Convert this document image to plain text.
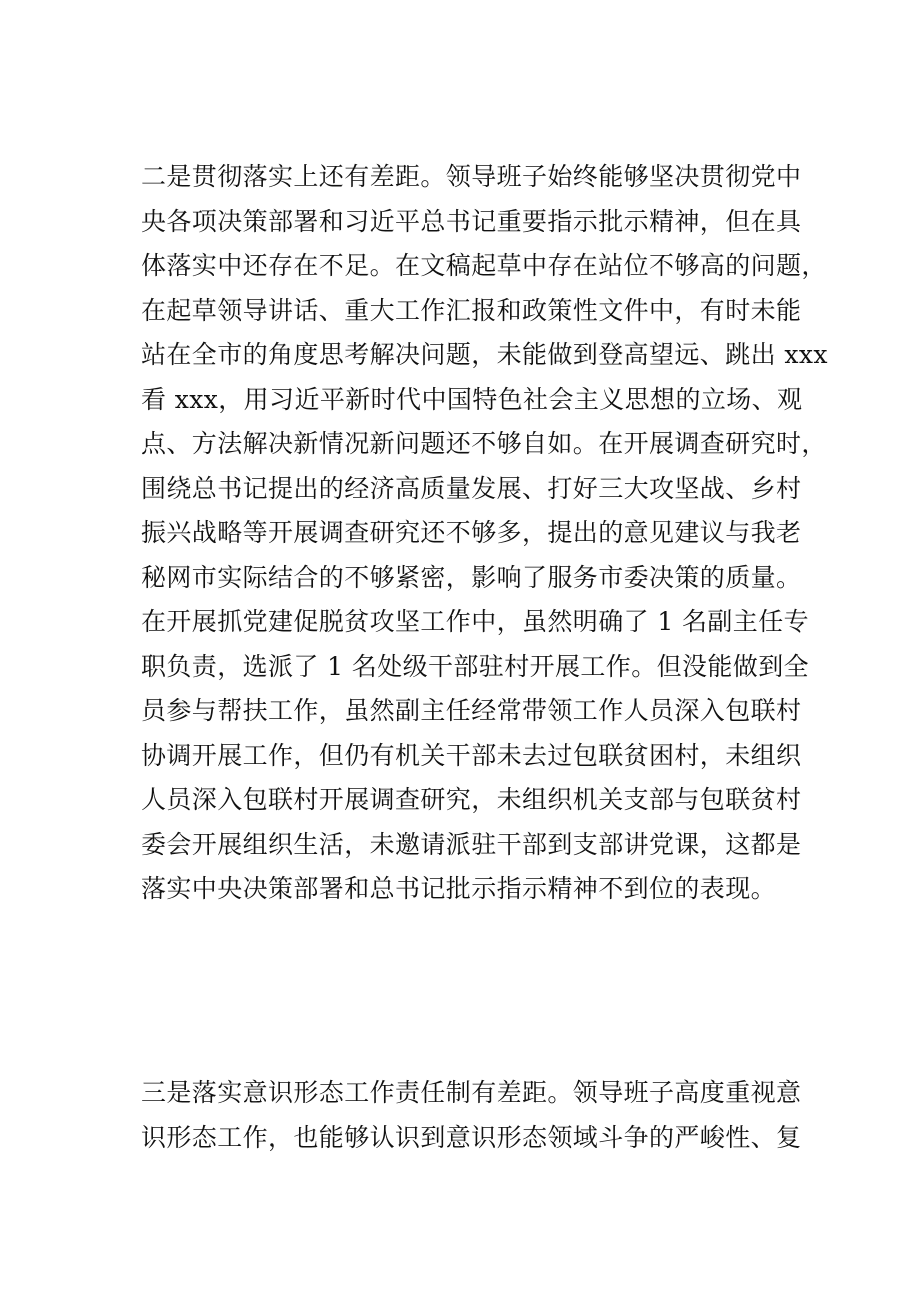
二是贯彻落实上还有差距。领导班子始终能够坚决贯彻党中
央各项决策部署和习近平总书记重要指示批示精神，但在具
体落实中还存在不足。在文稿起草中存在站位不够高的问题，
在起草领导讲话、重大工作汇报和政策性文件中，有时未能
站在全市的角度思考解决问题，未能做到登高望远、跳出 xxx
看 xxx，用习近平新时代中国特色社会主义思想的立场、观
点、方法解决新情况新问题还不够自如。在开展调查研究时，
围绕总书记提出的经济高质量发展、打好三大攻坚战、乡村
振兴战略等开展调查研究还不够多，提出的意见建议与我老
秘网市实际结合的不够紧密，影响了服务市委决策的质量。
在开展抓党建促脱贫攻坚工作中，虽然明确了 1 名副主任专
职负责，选派了 1 名处级干部驻村开展工作。但没能做到全
员参与帮扶工作，虽然副主任经常带领工作人员深入包联村
协调开展工作，但仍有机关干部未去过包联贫困村，未组织
人员深入包联村开展调查研究，未组织机关支部与包联贫村
委会开展组织生活，未邀请派驻干部到支部讲党课，这都是
落实中央决策部署和总书记批示指示精神不到位的表现。

三是落实意识形态工作责任制有差距。领导班子高度重视意
识形态工作，也能够认识到意识形态领域斗争的严峻性、复
